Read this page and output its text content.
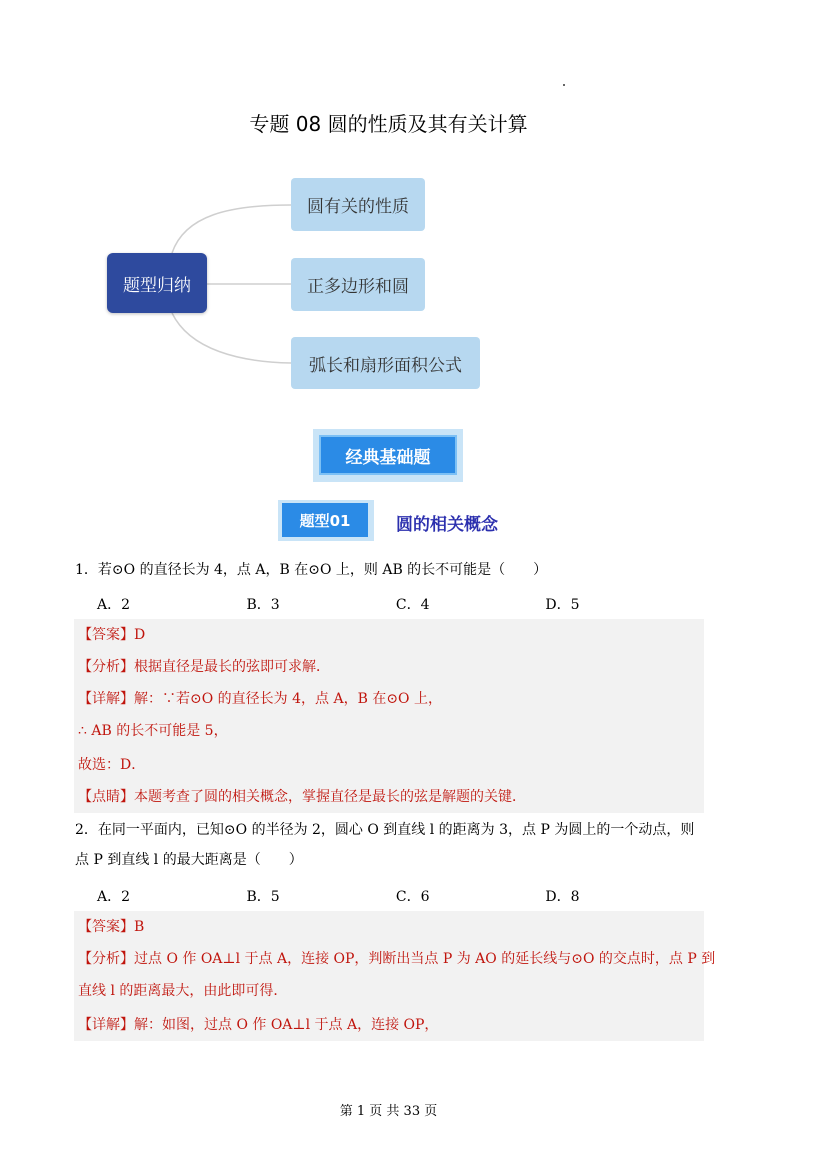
专题 08 圆的性质及其有关计算
题型归纳
圆有关的性质
正多边形和圆
弧长和扇形面积公式
经典基础题
题型01	圆的相关概念
1．若⊙O 的直径长为 4，点 A，B 在⊙O 上，则 AB 的长不可能是（　　）
A．2	B．3	C．4	D．5
【答案】D
【分析】根据直径是最长的弦即可求解．
【详解】解：∵若⊙O 的直径长为 4，点 A，B 在⊙O 上，
∴ AB 的长不可能是 5，
故选：D．
【点睛】本题考查了圆的相关概念，掌握直径是最长的弦是解题的关键．
2．在同一平面内，已知⊙O 的半径为 2，圆心 O 到直线 l 的距离为 3，点 P 为圆上的一个动点，则
点 P 到直线 l 的最大距离是（　　）
A．2	B．5	C．6	D．8
【答案】B
【分析】过点 O 作 OA⊥l 于点 A，连接 OP，判断出当点 P 为 AO 的延长线与⊙O 的交点时，点 P 到
直线 l 的距离最大，由此即可得．
【详解】解：如图，过点 O 作 OA⊥l 于点 A，连接 OP，
第 1 页 共 33 页
